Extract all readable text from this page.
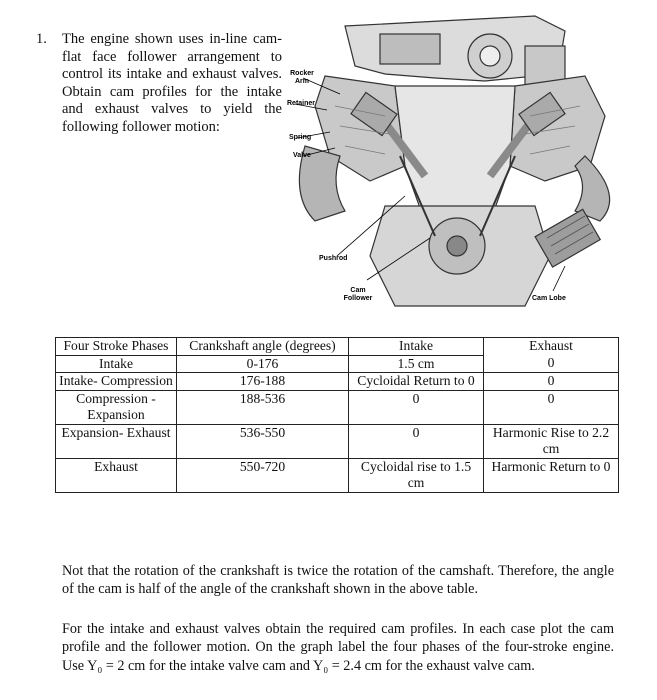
1. The engine shown uses in-line cam-flat face follower arrangement to control its intake and exhaust valves. Obtain cam profiles for the intake and exhaust valves to yield the following follower motion:
Rocker Arm
Retainer
Spring
Valve
Pushrod
Cam Follower	Cam Lobe
Four Stroke Phases	Crankshaft angle (degrees)	Intake	Exhaust
Intake	0-176	1.5 cm	0
Intake- Compression	176-188	Cycloidal Return to 0	0
Compression - Expansion	188-536	0	0
Expansion- Exhaust	536-550	0	Harmonic Rise to 2.2 cm
Exhaust	550-720	Cycloidal rise to 1.5 cm	Harmonic Return to 0
Not that the rotation of the crankshaft is twice the rotation of the camshaft. Therefore, the angle of the cam is half of the angle of the crankshaft shown in the above table.
For the intake and exhaust valves obtain the required cam profiles. In each case plot the cam profile and the follower motion. On the graph label the four phases of the four-stroke engine. Use Y₀ = 2 cm for the intake valve cam and Y₀ = 2.4 cm for the exhaust valve cam.
